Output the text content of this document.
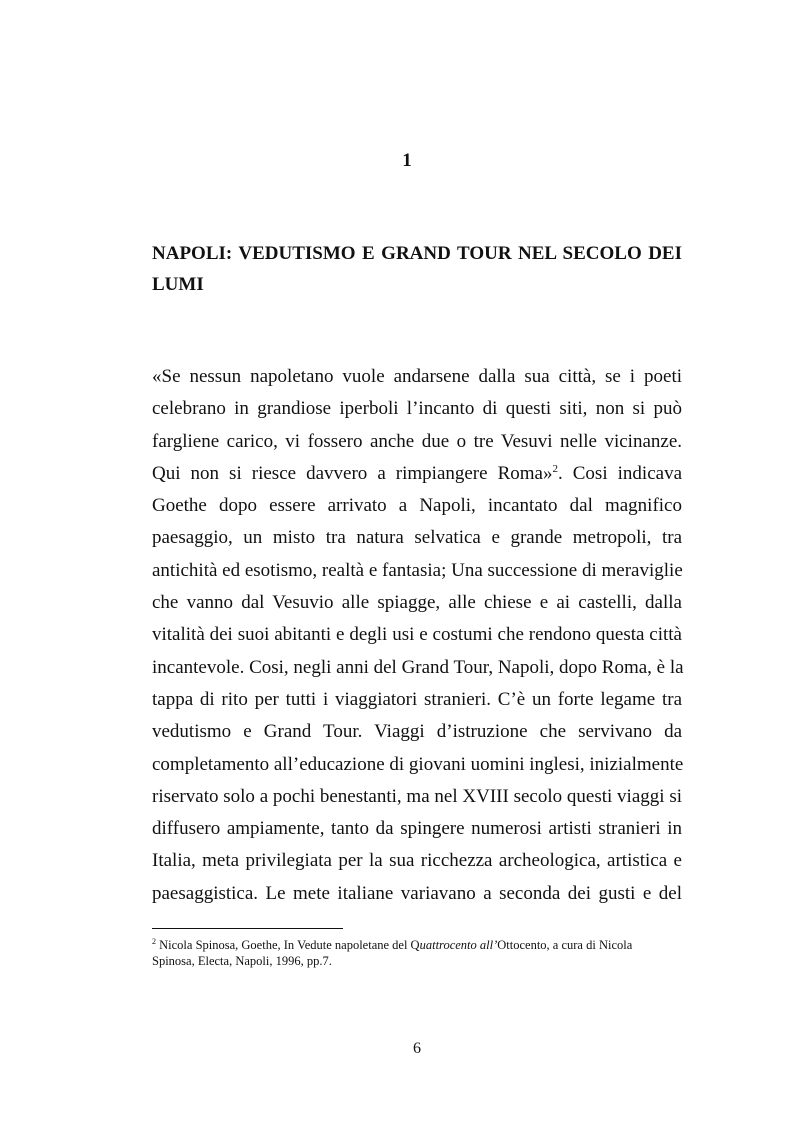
1
NAPOLI: VEDUTISMO E GRAND TOUR NEL SECOLO DEI
LUMI
«Se nessun napoletano vuole andarsene dalla sua città, se i poeti
celebrano in grandiose iperboli l’incanto di questi siti, non si può
fargliene carico, vi fossero anche due o tre Vesuvi nelle vicinanze.
Qui non si riesce davvero a rimpiangere Roma»$^2$. Cosi indicava
Goethe dopo essere arrivato a Napoli, incantato dal magnifico
paesaggio, un misto tra natura selvatica e grande metropoli, tra
antichità ed esotismo, realtà e fantasia; Una successione di meraviglie
che vanno dal Vesuvio alle spiagge, alle chiese e ai castelli, dalla
vitalità dei suoi abitanti e degli usi e costumi che rendono questa città
incantevole. Cosi, negli anni del Grand Tour, Napoli, dopo Roma, è la
tappa di rito per tutti i viaggiatori stranieri. C’è un forte legame tra
vedutismo e Grand Tour. Viaggi d’istruzione che servivano da
completamento all’educazione di giovani uomini inglesi, inizialmente
riservato solo a pochi benestanti, ma nel XVIII secolo questi viaggi si
diffusero ampiamente, tanto da spingere numerosi artisti stranieri in
Italia, meta privilegiata per la sua ricchezza archeologica, artistica e
paesaggistica. Le mete italiane variavano a seconda dei gusti e del
$^2$ Nicola Spinosa, Goethe, In Vedute napoletane del Quattrocento all’Ottocento, a cura di Nicola
Spinosa, Electa, Napoli, 1996, pp.7.
6
